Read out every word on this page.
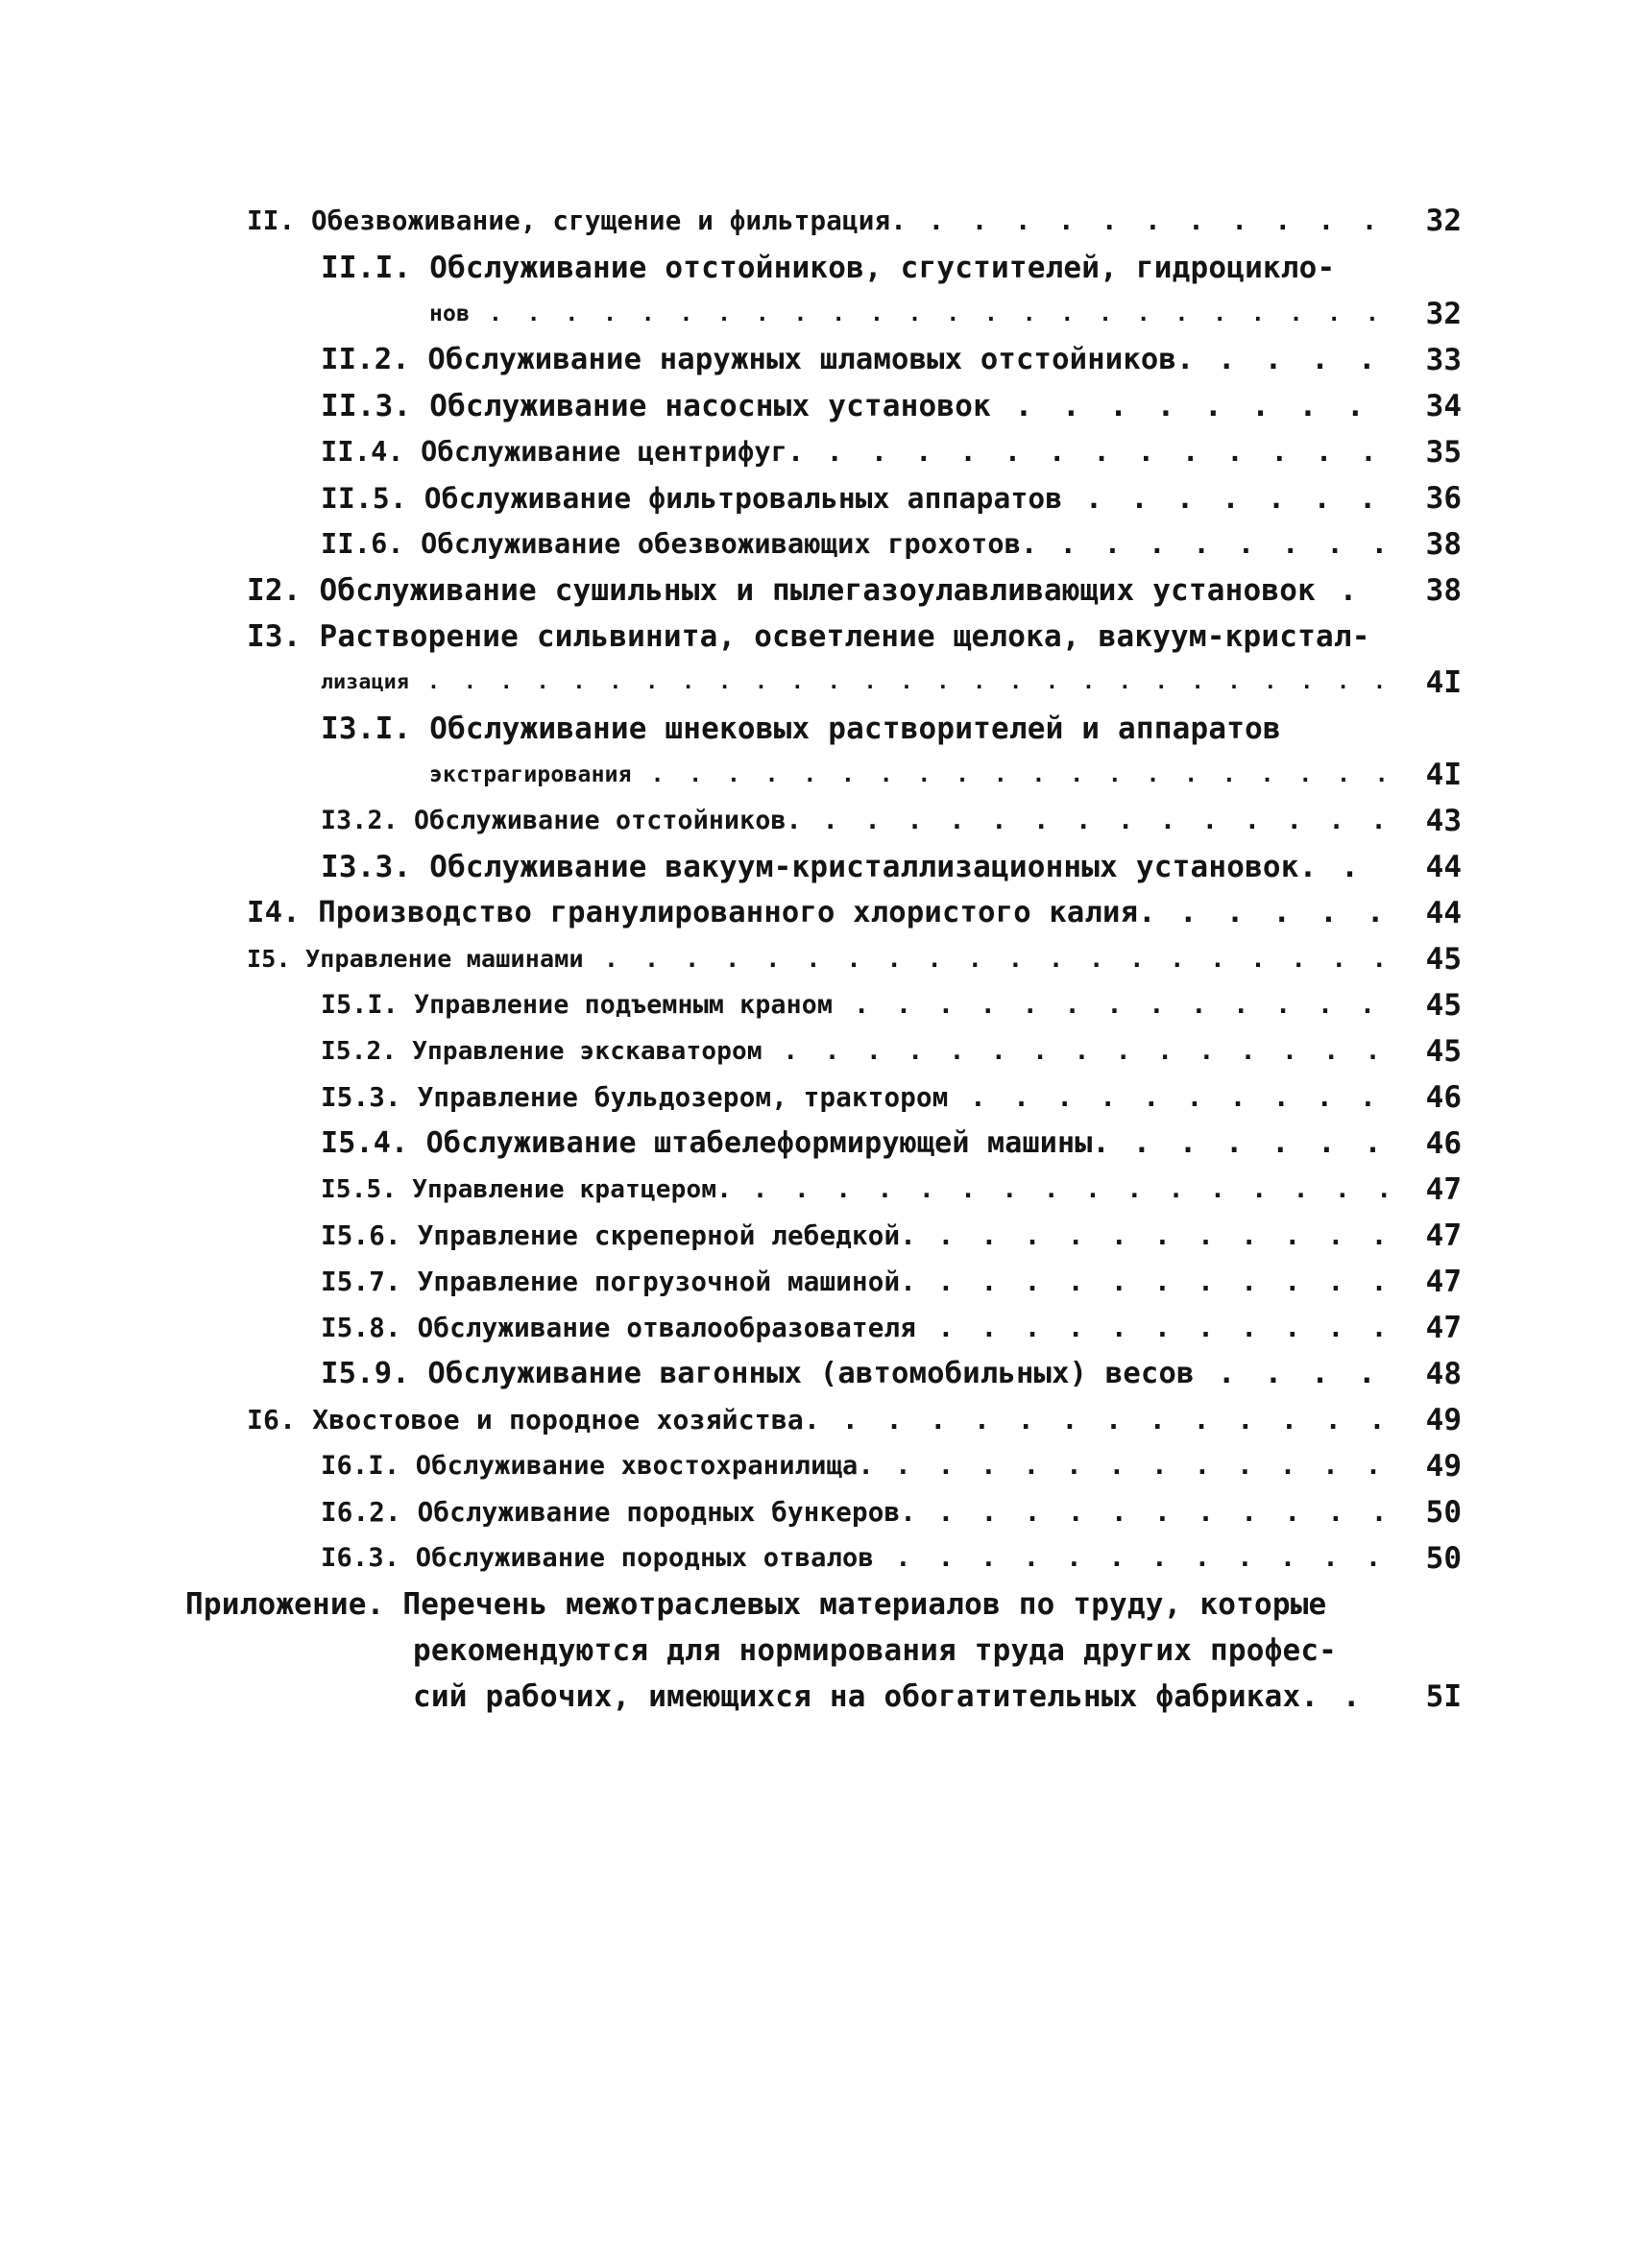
II. Обезвоживание, сгущение и фильтрация. . . . . . . . . . . .	32
II.I. Обслуживание отстойников, сгустителей, гидроцикло-
нов . . . . . . . . . . . . . . . . . . . . . . . .	32
II.2. Обслуживание наружных шламовых отстойников. . . . .	33
II.3. Обслуживание насосных установок . . . . . . . .	34
II.4. Обслуживание центрифуг. . . . . . . . . . . . . .	35
II.5. Обслуживание фильтровальных аппаратов . . . . . . .	36
II.6. Обслуживание обезвоживающих грохотов. . . . . . . . .	38
I2. Обслуживание сушильных и пылегазоулавливающих установок .	38
I3. Растворение сильвинита, осветление щелока, вакуум-кристал-
лизация . . . . . . . . . . . . . . . . . . . . . . . . . . .	4I
I3.I. Обслуживание шнековых растворителей и аппаратов
экстрагирования . . . . . . . . . . . . . . . . . . . .	4I
I3.2. Обслуживание отстойников. . . . . . . . . . . . . . .	43
I3.3. Обслуживание вакуум-кристаллизационных установок. .	44
I4. Производство гранулированного хлористого калия. . . . . .	44
I5. Управление машинами . . . . . . . . . . . . . . . . . . . .	45
I5.I. Управление подъемным краном . . . . . . . . . . . . .	45
I5.2. Управление экскаватором . . . . . . . . . . . . . . .	45
I5.3. Управление бульдозером, трактором . . . . . . . . . .	46
I5.4. Обслуживание штабелеформирующей машины. . . . . . .	46
I5.5. Управление кратцером. . . . . . . . . . . . . . . . . 47
I5.6. Управление скреперной лебедкой. . . . . . . . . . . .	47
I5.7. Управление погрузочной машиной. . . . . . . . . . . .	47
I5.8. Обслуживание отвалообразователя . . . . . . . . . . .	47
I5.9. Обслуживание вагонных (автомобильных) весов . . . .	48
I6. Хвостовое и породное хозяйства. . . . . . . . . . . . . .	49
I6.I. Обслуживание хвостохранилища. . . . . . . . . . . . .	49
I6.2. Обслуживание породных бункеров. . . . . . . . . . . .	50
I6.3. Обслуживание породных отвалов . . . . . . . . . . . .	50
Приложение. Перечень межотраслевых материалов по труду, которые
рекомендуются для нормирования труда других профес-
сий рабочих, имеющихся на обогатительных фабриках. .	5I
